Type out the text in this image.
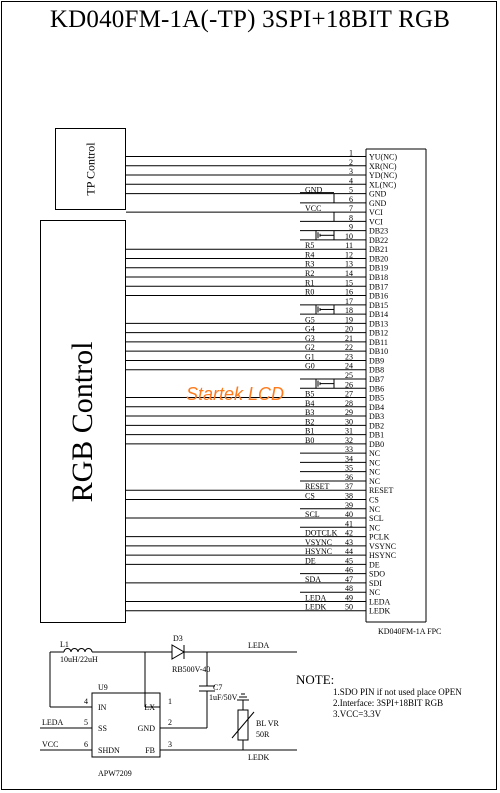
KD040FM-1A(-TP) 3SPI+18BIT RGB
TP Control
RGB Control
KD040FM-1A FPC
1 YU(NC)
2 XR(NC)
3 YD(NC)
4 XL(NC)
5 GND
GND
6 GND
7 VCI
VCC
8 VCI
9 DB23
10 DB22
11 DB21
R5
12 DB20
R4
13 DB19
R3
14 DB18
R2
15 DB17
R1
16 DB16
R0
17 DB15
18 DB14
19 DB13
G5
20 DB12
G4
21 DB11
G3
22 DB10
G2
23 DB9
G1
24 DB8
G0
25 DB7
26 DB6
27 DB5
B5
28 DB4
B4
29 DB3
B3
30 DB2
B2
31 DB1
B1
32 DB0
B0
33 NC
34 NC
35 NC
36 NC
37 RESET
RESET
38 CS
CS
39 NC
40 SCL
SCL
41 NC
42 PCLK
DOTCLK
43 VSYNC
VSYNC
44 HSYNC
HSYNC
45 DE
DE
46 SDO
47 SDI
SDA
48 NC
49 LEDA
LEDA
50 LEDK
LEDK
L1
10uH/22uH
D3
RB500V-40
LEDA
C7
1uF/50V
U9
APW7209
LX
1
GND
2
FB
3
IN
4
SS
5
SHDN
6
LEDA
VCC
LEDK
BL VR
50R
Startek LCD
NOTE:
1.SDO PIN if not used place OPEN
2.Interface: 3SPI+18BIT RGB
3.VCC=3.3V
